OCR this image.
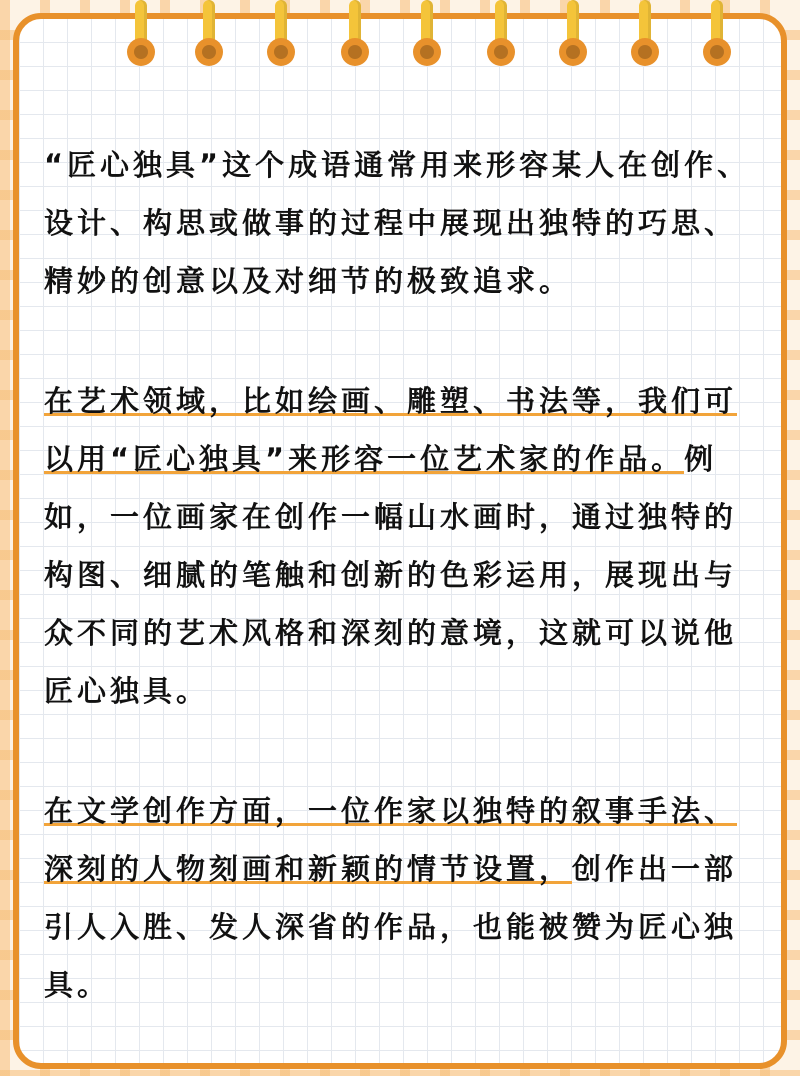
“匠心独具”这个成语通常用来形容某人在创作、设计、构思或做事的过程中展现出独特的巧思、精妙的创意以及对细节的极致追求。

在艺术领域，比如绘画、雕塑、书法等，我们可以用“匠心独具”来形容一位艺术家的作品。例如，一位画家在创作一幅山水画时，通过独特的构图、细腻的笔触和创新的色彩运用，展现出与众不同的艺术风格和深刻的意境，这就可以说他匠心独具。

在文学创作方面，一位作家以独特的叙事手法、深刻的人物刻画和新颖的情节设置，创作出一部引人入胜、发人深省的作品，也能被赞为匠心独具。
